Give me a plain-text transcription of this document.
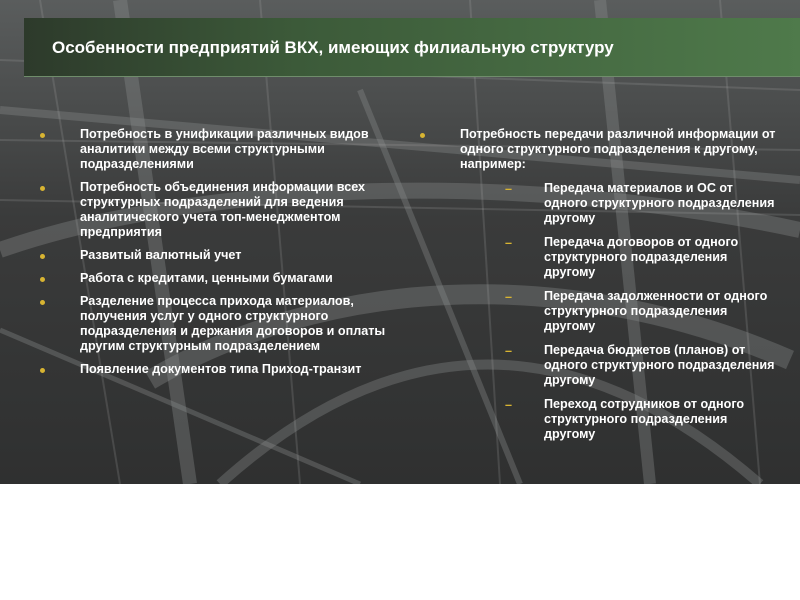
Особенности предприятий ВКХ, имеющих филиальную структуру
Потребность в унификации различных видов аналитики между всеми структурными подразделениями
Потребность объединения информации всех структурных подразделений для ведения аналитического учета топ-менеджментом предприятия
Развитый валютный учет
Работа с кредитами, ценными бумагами
Разделение процесса прихода материалов, получения услуг у одного структурного подразделения и держания договоров и оплаты другим структурным подразделением
Появление документов типа Приход-транзит
Потребность передачи различной информации от одного структурного подразделения к другому, например:
–	Передача материалов и ОС от одного структурного подразделения другому
–	Передача договоров от одного структурного подразделения другому
–	Передача задолженности от одного структурного подразделения другому
–	Передача бюджетов (планов) от одного структурного подразделения другому
–	Переход сотрудников от одного структурного подразделения другому
